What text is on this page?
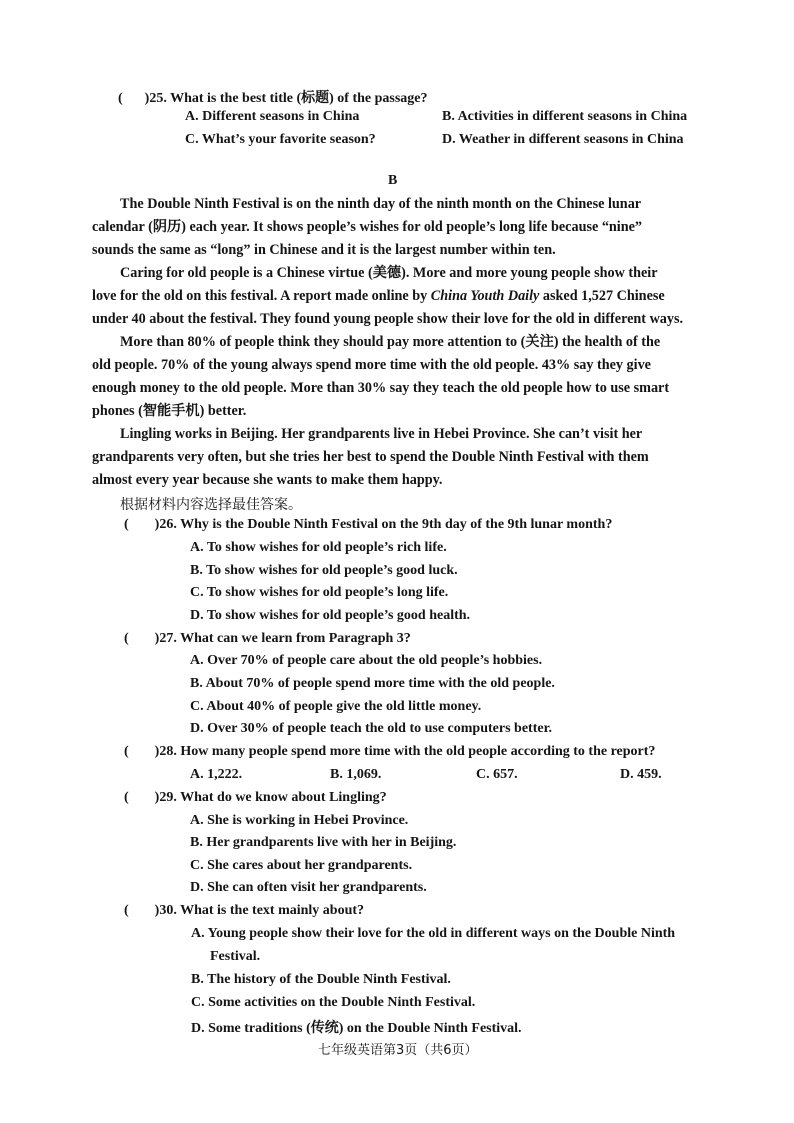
( )25. What is the best title (标题) of the passage?
A. Different seasons in China	B. Activities in different seasons in China
C. What’s your favorite season?	D. Weather in different seasons in China
B
The Double Ninth Festival is on the ninth day of the ninth month on the Chinese lunar
calendar (阴历) each year. It shows people’s wishes for old people’s long life because “nine”
sounds the same as “long” in Chinese and it is the largest number within ten.
Caring for old people is a Chinese virtue (美德). More and more young people show their
love for the old on this festival. A report made online by China Youth Daily asked 1,527 Chinese
under 40 about the festival. They found young people show their love for the old in different ways.
More than 80% of people think they should pay more attention to (关注) the health of the
old people. 70% of the young always spend more time with the old people. 43% say they give
enough money to the old people. More than 30% say they teach the old people how to use smart
phones (智能手机) better.
Lingling works in Beijing. Her grandparents live in Hebei Province. She can’t visit her
grandparents very often, but she tries her best to spend the Double Ninth Festival with them
almost every year because she wants to make them happy.
根据材料内容选择最佳答案。
( )26. Why is the Double Ninth Festival on the 9th day of the 9th lunar month?
A. To show wishes for old people’s rich life.
B. To show wishes for old people’s good luck.
C. To show wishes for old people’s long life.
D. To show wishes for old people’s good health.
( )27. What can we learn from Paragraph 3?
A. Over 70% of people care about the old people’s hobbies.
B. About 70% of people spend more time with the old people.
C. About 40% of people give the old little money.
D. Over 30% of people teach the old to use computers better.
( )28. How many people spend more time with the old people according to the report?
A. 1,222.	B. 1,069.	C. 657.	D. 459.
( )29. What do we know about Lingling?
A. She is working in Hebei Province.
B. Her grandparents live with her in Beijing.
C. She cares about her grandparents.
D. She can often visit her grandparents.
( )30. What is the text mainly about?
A. Young people show their love for the old in different ways on the Double Ninth
Festival.
B. The history of the Double Ninth Festival.
C. Some activities on the Double Ninth Festival.
D. Some traditions (传统) on the Double Ninth Festival.
七年级英语第3页（共6页）
